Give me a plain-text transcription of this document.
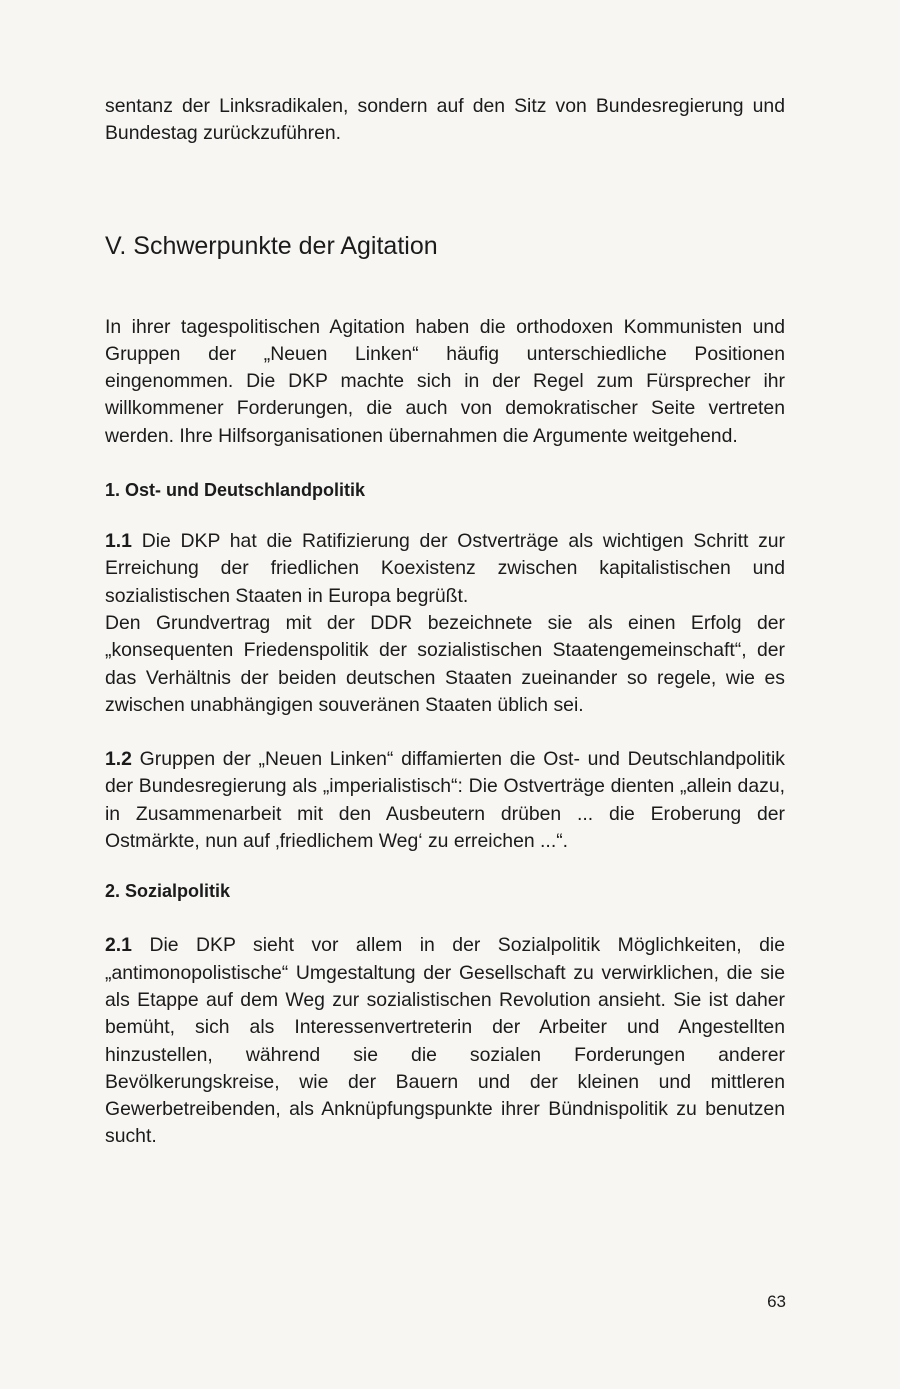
sentanz der Linksradikalen, sondern auf den Sitz von Bundesregierung und Bundestag zurückzuführen.

V. Schwerpunkte der Agitation

In ihrer tagespolitischen Agitation haben die orthodoxen Kommunisten und Gruppen der „Neuen Linken“ häufig unterschiedliche Positionen eingenommen. Die DKP machte sich in der Regel zum Fürsprecher ihr willkommener Forderungen, die auch von demokratischer Seite vertreten werden. Ihre Hilfsorganisationen übernahmen die Argumente weitgehend.

1. Ost- und Deutschlandpolitik

1.1 Die DKP hat die Ratifizierung der Ostverträge als wichtigen Schritt zur Erreichung der friedlichen Koexistenz zwischen kapitalistischen und sozialistischen Staaten in Europa begrüßt.

Den Grundvertrag mit der DDR bezeichnete sie als einen Erfolg der „konsequenten Friedenspolitik der sozialistischen Staatengemeinschaft“, der das Verhältnis der beiden deutschen Staaten zueinander so regele, wie es zwischen unabhängigen souveränen Staaten üblich sei.

1.2 Gruppen der „Neuen Linken“ diffamierten die Ost- und Deutschlandpolitik der Bundesregierung als „imperialistisch“: Die Ostverträge dienten „allein dazu, in Zusammenarbeit mit den Ausbeutern drüben ... die Eroberung der Ostmärkte, nun auf ‚friedlichem Weg‘ zu erreichen ...“.

2. Sozialpolitik

2.1 Die DKP sieht vor allem in der Sozialpolitik Möglichkeiten, die „antimonopolistische“ Umgestaltung der Gesellschaft zu verwirklichen, die sie als Etappe auf dem Weg zur sozialistischen Revolution ansieht. Sie ist daher bemüht, sich als Interessenvertreterin der Arbeiter und Angestellten hinzustellen, während sie die sozialen Forderungen anderer Bevölkerungskreise, wie der Bauern und der kleinen und mittleren Gewerbetreibenden, als Anknüpfungspunkte ihrer Bündnispolitik zu benutzen sucht.

63
